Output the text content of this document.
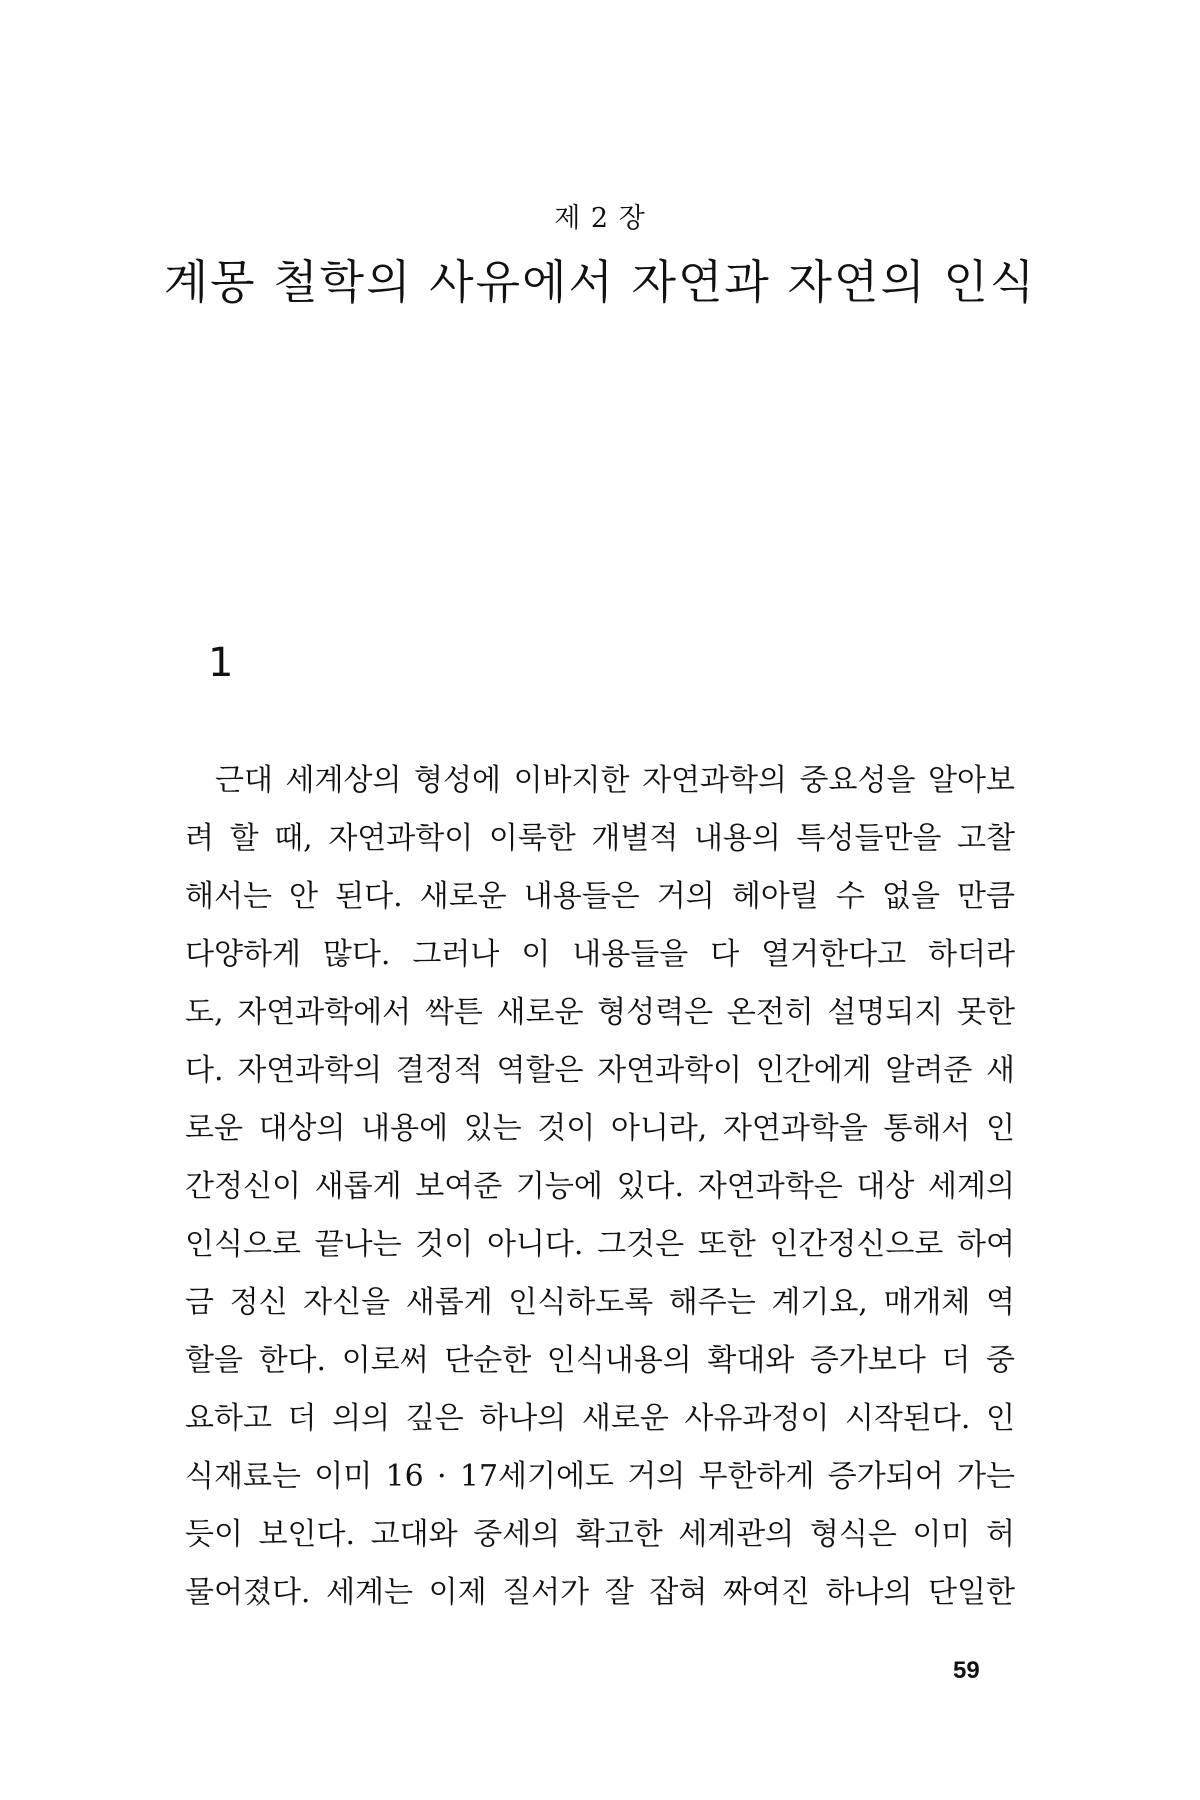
제 2 장
계몽 철학의 사유에서 자연과 자연의 인식
1
근대 세계상의 형성에 이바지한 자연과학의 중요성을 알아보
려 할 때, 자연과학이 이룩한 개별적 내용의 특성들만을 고찰
해서는 안 된다. 새로운 내용들은 거의 헤아릴 수 없을 만큼
다양하게 많다. 그러나 이 내용들을 다 열거한다고 하더라
도, 자연과학에서 싹튼 새로운 형성력은 온전히 설명되지 못한
다. 자연과학의 결정적 역할은 자연과학이 인간에게 알려준 새
로운 대상의 내용에 있는 것이 아니라, 자연과학을 통해서 인
간정신이 새롭게 보여준 기능에 있다. 자연과학은 대상 세계의
인식으로 끝나는 것이 아니다. 그것은 또한 인간정신으로 하여
금 정신 자신을 새롭게 인식하도록 해주는 계기요, 매개체 역
할을 한다. 이로써 단순한 인식내용의 확대와 증가보다 더 중
요하고 더 의의 깊은 하나의 새로운 사유과정이 시작된다. 인
식재료는 이미 16 · 17세기에도 거의 무한하게 증가되어 가는
듯이 보인다. 고대와 중세의 확고한 세계관의 형식은 이미 허
물어졌다. 세계는 이제 질서가 잘 잡혀 짜여진 하나의 단일한
59
